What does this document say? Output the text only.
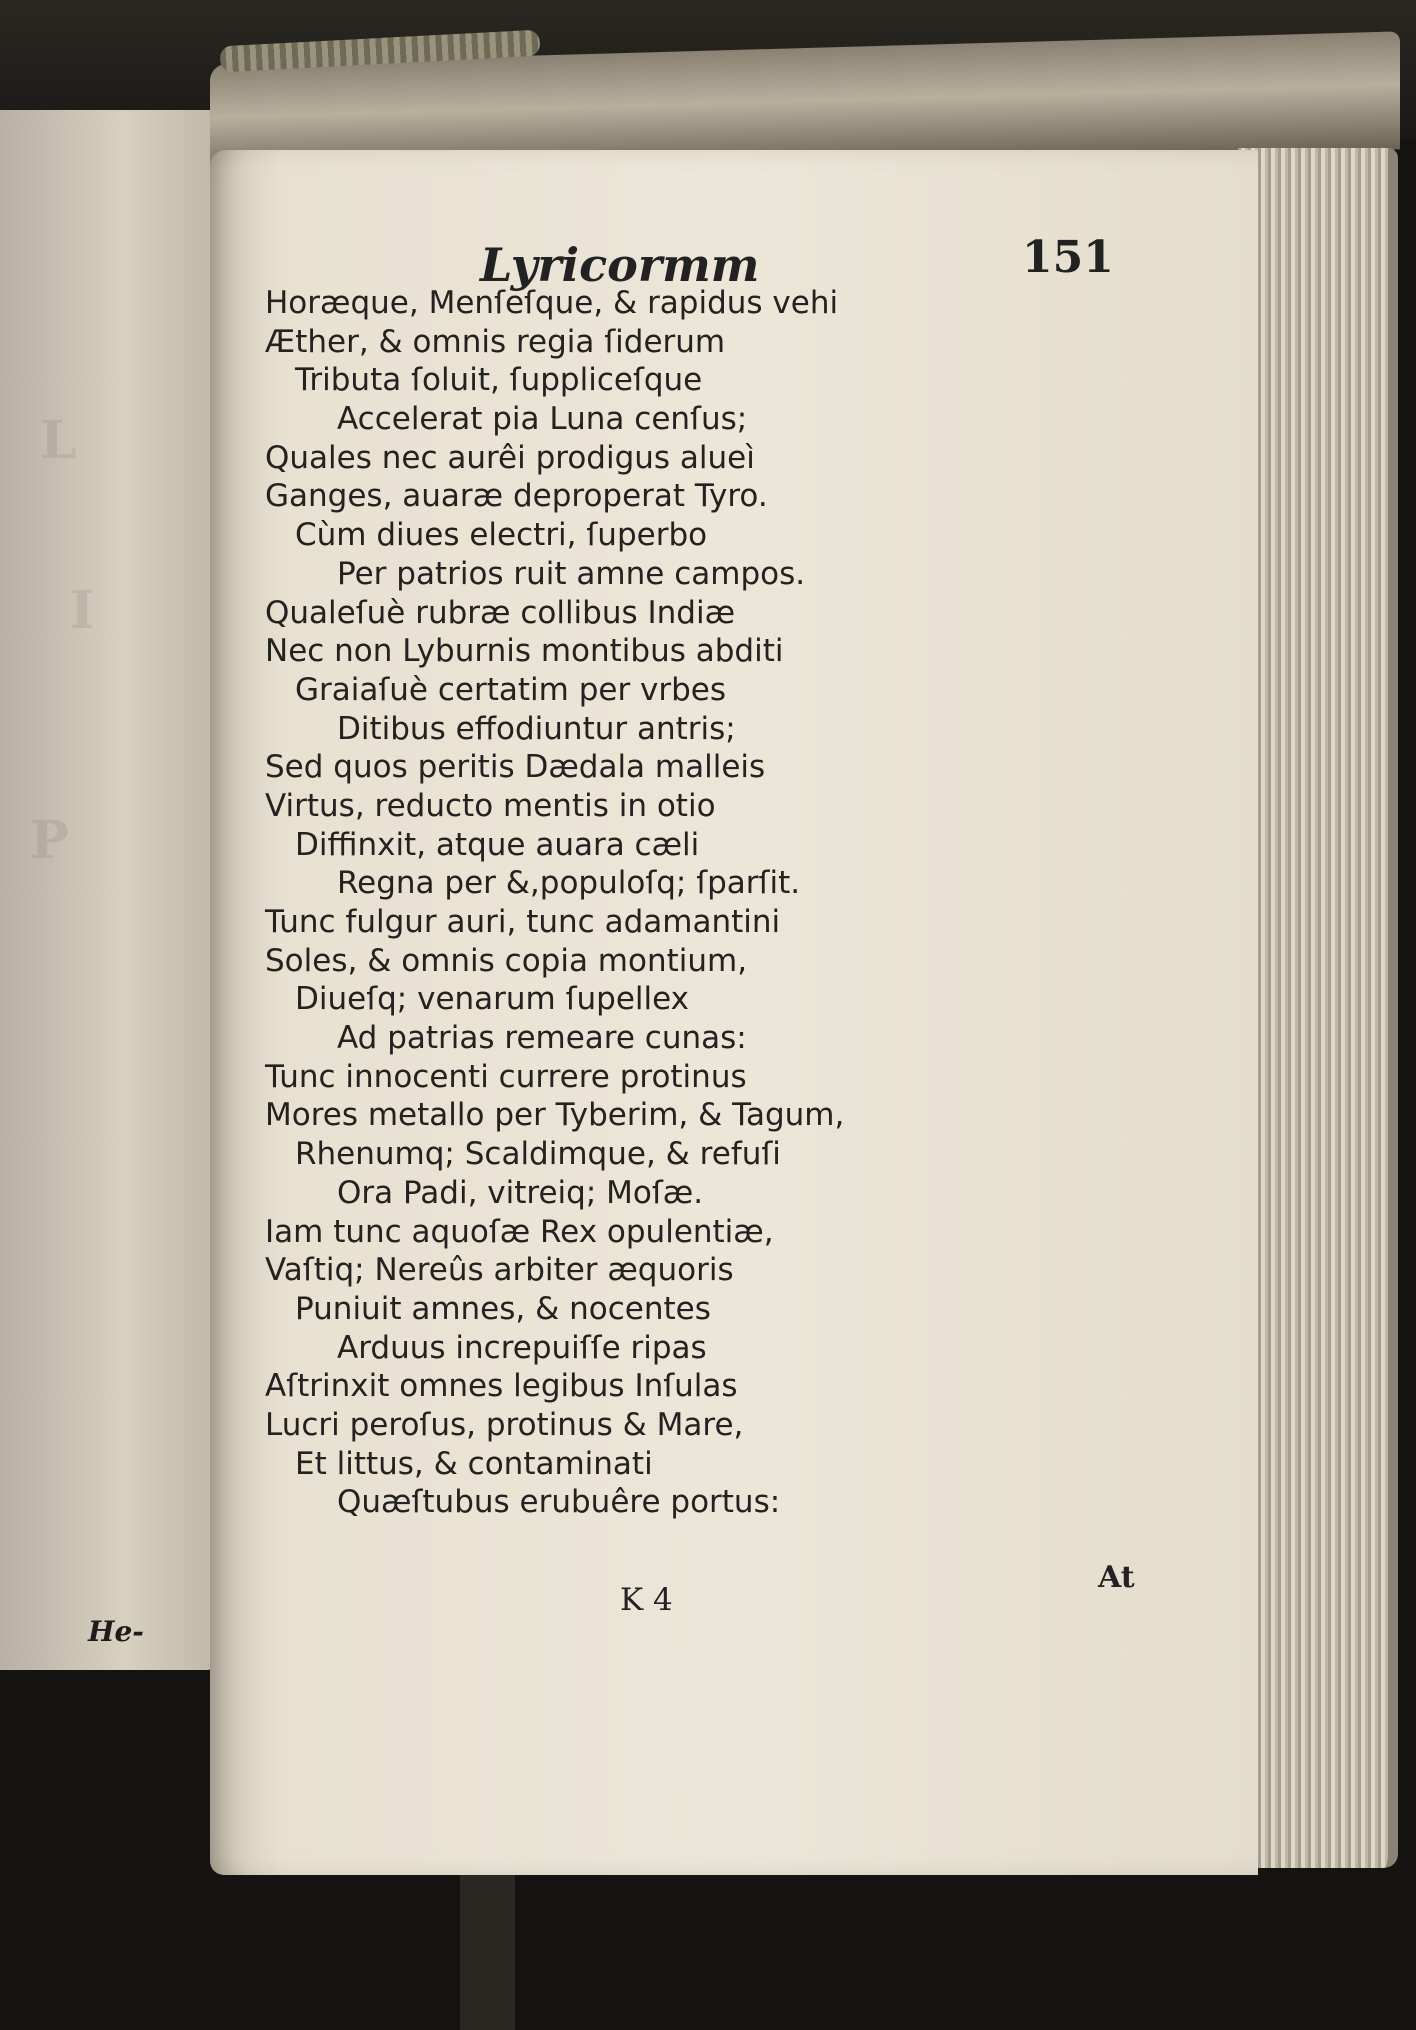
L
I
P
He-
Lyricormm	151
Horæque, Menſeſque, & rapidus vehi
Æther, & omnis regia ſiderum
Tributa ſoluit, ſuppliceſque
Accelerat pia Luna cenſus;
Quales nec aurêi prodigus alueì
Ganges, auaræ deproperat Tyro.
Cùm diues electri, ſuperbo
Per patrios ruit amne campos.
Qualeſuè rubræ collibus Indiæ
Nec non Lyburnis montibus abditi
Graiaſuè certatim per vrbes
Ditibus effodiuntur antris;
Sed quos peritis Dædala malleis
Virtus, reducto mentis in otio
Diffinxit, atque auara cæli
Regna per &,populoſq; ſparſit.
Tunc fulgur auri, tunc adamantini
Soles, & omnis copia montium,
Diueſq; venarum ſupellex
Ad patrias remeare cunas:
Tunc innocenti currere protinus
Mores metallo per Tyberim, & Tagum,
Rhenumq; Scaldimque, & refuſi
Ora Padi, vitreiq; Moſæ.
Iam tunc aquoſæ Rex opulentiæ,
Vaſtiq; Nereûs arbiter æquoris
Puniuit amnes, & nocentes
Arduus increpuiſſe ripas
Aſtrinxit omnes legibus Inſulas
Lucri peroſus, protinus & Mare,
Et littus, & contaminati
Quæſtubus erubuêre portus:
K 4
At
